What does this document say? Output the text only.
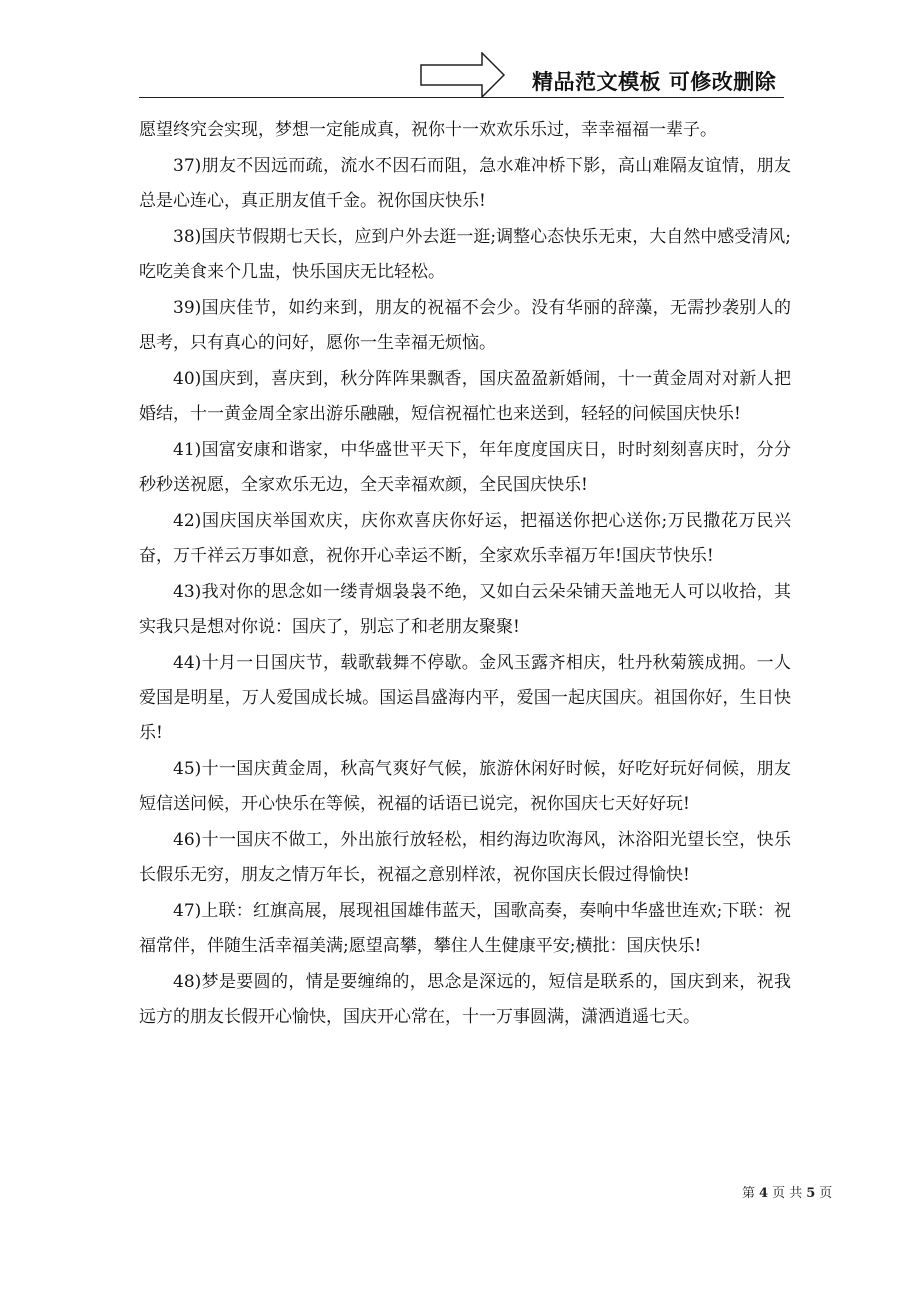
精品范文模板 可修改删除

愿望终究会实现，梦想一定能成真，祝你十一欢欢乐乐过，幸幸福福一辈子。

37)朋友不因远而疏，流水不因石而阻，急水难冲桥下影，高山难隔友谊情，朋友总是心连心，真正朋友值千金。祝你国庆快乐!

38)国庆节假期七天长，应到户外去逛一逛;调整心态快乐无束，大自然中感受清风;吃吃美食来个几盅，快乐国庆无比轻松。

39)国庆佳节，如约来到，朋友的祝福不会少。没有华丽的辞藻，无需抄袭别人的思考，只有真心的问好，愿你一生幸福无烦恼。

40)国庆到，喜庆到，秋分阵阵果飘香，国庆盈盈新婚闹，十一黄金周对对新人把婚结，十一黄金周全家出游乐融融，短信祝福忙也来送到，轻轻的问候国庆快乐!

41)国富安康和谐家，中华盛世平天下，年年度度国庆日，时时刻刻喜庆时，分分秒秒送祝愿，全家欢乐无边，全天幸福欢颜，全民国庆快乐!

42)国庆国庆举国欢庆，庆你欢喜庆你好运，把福送你把心送你;万民撒花万民兴奋，万千祥云万事如意，祝你开心幸运不断，全家欢乐幸福万年!国庆节快乐!

43)我对你的思念如一缕青烟袅袅不绝，又如白云朵朵铺天盖地无人可以收拾，其实我只是想对你说：国庆了，别忘了和老朋友聚聚!

44)十月一日国庆节，载歌载舞不停歇。金风玉露齐相庆，牡丹秋菊簇成拥。一人爱国是明星，万人爱国成长城。国运昌盛海内平，爱国一起庆国庆。祖国你好，生日快乐!

45)十一国庆黄金周，秋高气爽好气候，旅游休闲好时候，好吃好玩好伺候，朋友短信送问候，开心快乐在等候，祝福的话语已说完，祝你国庆七天好好玩!

46)十一国庆不做工，外出旅行放轻松，相约海边吹海风，沐浴阳光望长空，快乐长假乐无穷，朋友之情万年长，祝福之意别样浓，祝你国庆长假过得愉快!

47)上联：红旗高展，展现祖国雄伟蓝天，国歌高奏，奏响中华盛世连欢;下联：祝福常伴，伴随生活幸福美满;愿望高攀，攀住人生健康平安;横批：国庆快乐!

48)梦是要圆的，情是要缠绵的，思念是深远的，短信是联系的，国庆到来，祝我远方的朋友长假开心愉快，国庆开心常在，十一万事圆满，潇洒逍遥七天。

第 4 页 共 5 页
